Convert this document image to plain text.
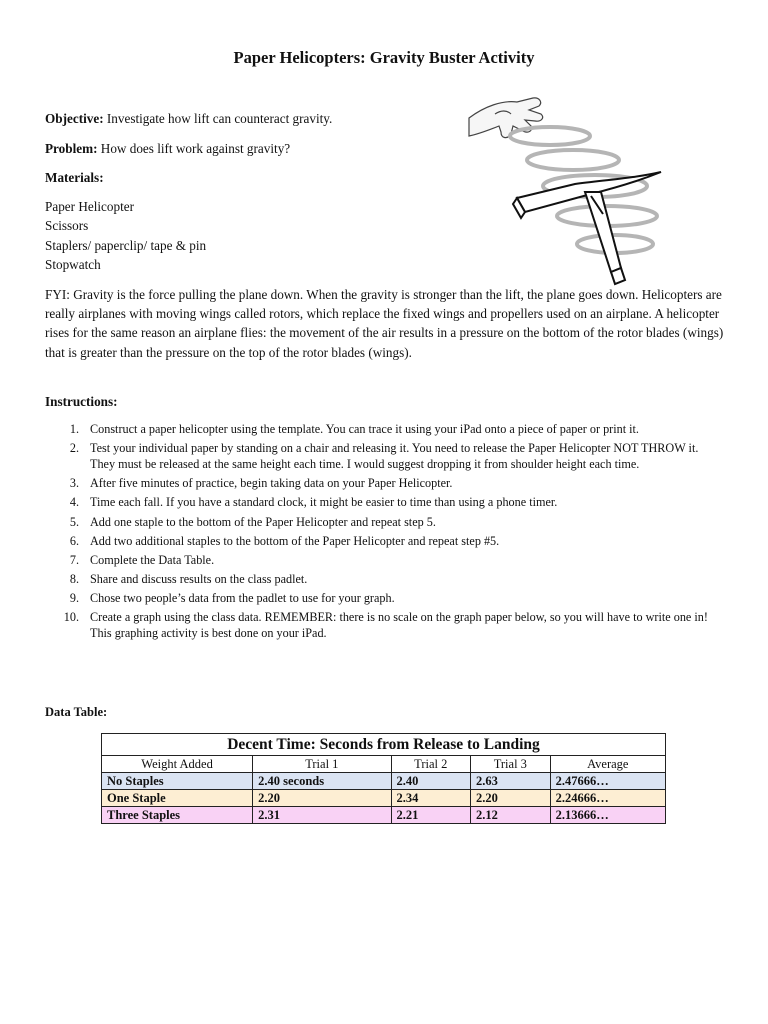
Paper Helicopters: Gravity Buster Activity
Objective: Investigate how lift can counteract gravity.
Problem: How does lift work against gravity?
Materials:
Paper Helicopter
Scissors
Staplers/ paperclip/ tape & pin
Stopwatch
FYI: Gravity is the force pulling the plane down. When the gravity is stronger than the lift, the plane goes down. Helicopters are really airplanes with moving wings called rotors, which replace the fixed wings and propellers used on an airplane. A helicopter rises for the same reason an airplane flies: the movement of the air results in a pressure on the bottom of the rotor blades (wings) that is greater than the pressure on the top of the rotor blades (wings).
Instructions:
1. Construct a paper helicopter using the template. You can trace it using your iPad onto a piece of paper or print it.
2. Test your individual paper by standing on a chair and releasing it. You need to release the Paper Helicopter NOT THROW it. They must be released at the same height each time. I would suggest dropping it from shoulder height each time.
3. After five minutes of practice, begin taking data on your Paper Helicopter.
4. Time each fall. If you have a standard clock, it might be easier to time than using a phone timer.
5. Add one staple to the bottom of the Paper Helicopter and repeat step 5.
6. Add two additional staples to the bottom of the Paper Helicopter and repeat step #5.
7. Complete the Data Table.
8. Share and discuss results on the class padlet.
9. Chose two people’s data from the padlet to use for your graph.
10. Create a graph using the class data. REMEMBER: there is no scale on the graph paper below, so you will have to write one in! This graphing activity is best done on your iPad.
Data Table:
Decent Time: Seconds from Release to Landing				
Weight Added	Trial 1	Trial 2	Trial 3	Average
No Staples	2.40 seconds	2.40	2.63	2.47666…
One Staple	2.20	2.34	2.20	2.24666…
Three Staples	2.31	2.21	2.12	2.13666…
